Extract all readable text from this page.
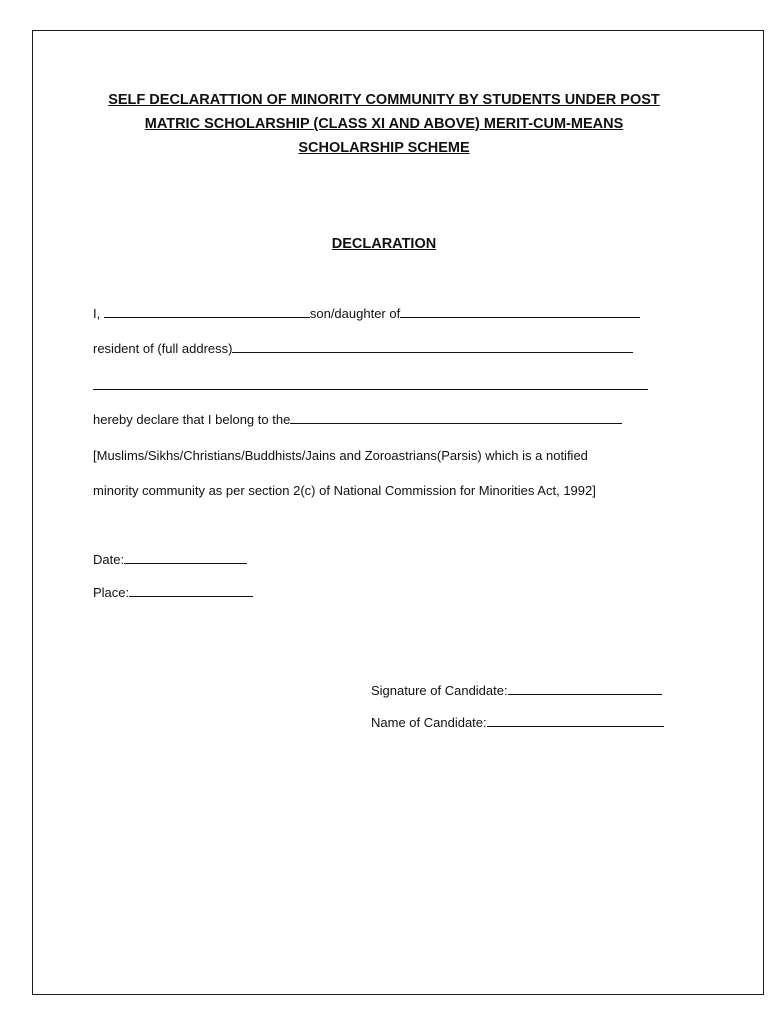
SELF DECLARATTION OF MINORITY COMMUNITY BY STUDENTS UNDER POST
MATRIC SCHOLARSHIP (CLASS XI AND ABOVE) MERIT-CUM-MEANS
SCHOLARSHIP SCHEME
DECLARATION
I,	son/daughter of
resident of (full address)
hereby declare that I belong to the
[Muslims/Sikhs/Christians/Buddhists/Jains and Zoroastrians(Parsis) which is a notified
minority community as per section 2(c) of National Commission for Minorities Act, 1992]
Date:
Place:
Signature of Candidate:
Name of Candidate:
